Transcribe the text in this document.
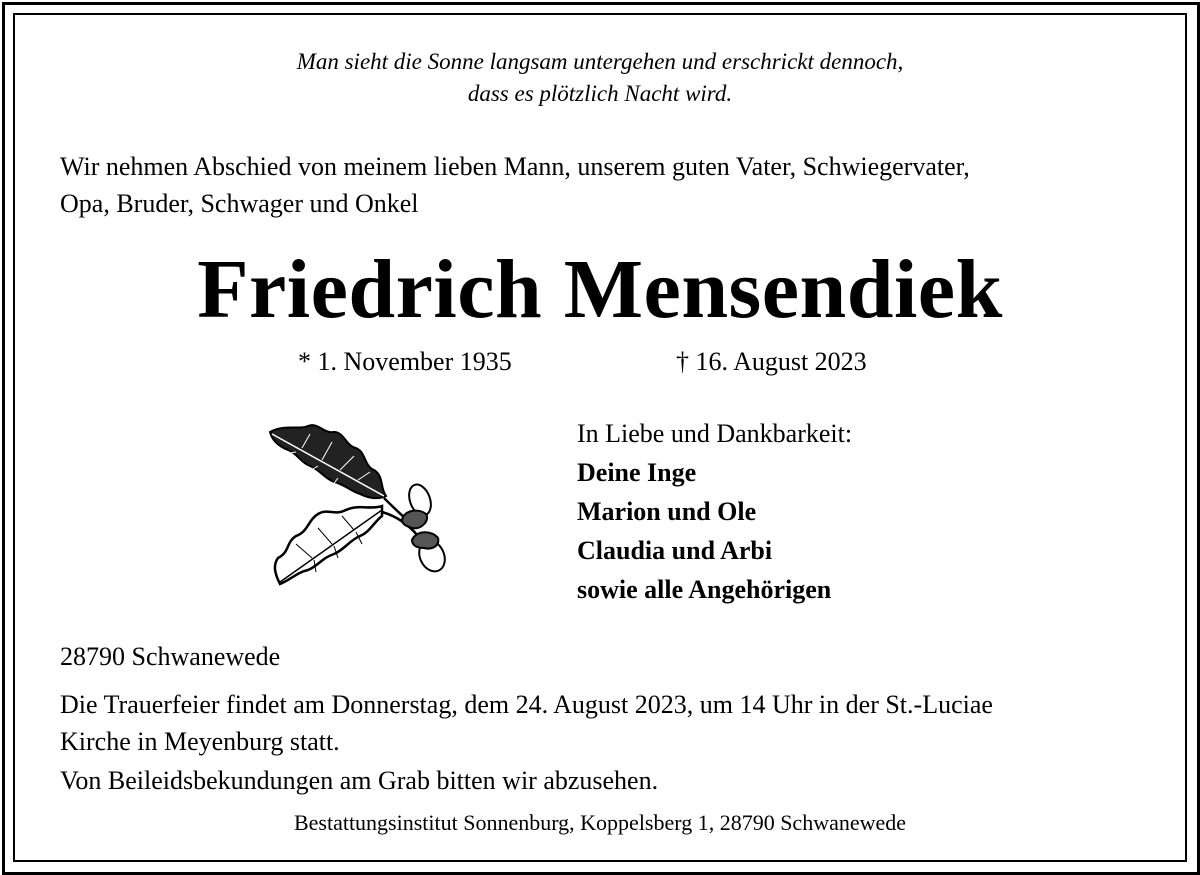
Man sieht die Sonne langsam untergehen und erschrickt dennoch,
dass es plötzlich Nacht wird.
Wir nehmen Abschied von meinem lieben Mann, unserem guten Vater, Schwiegervater,
Opa, Bruder, Schwager und Onkel
Friedrich Mensendiek
* 1. November 1935	† 16. August 2023
In Liebe und Dankbarkeit:
Deine Inge
Marion und Ole
Claudia und Arbi
sowie alle Angehörigen
28790 Schwanewede
Die Trauerfeier findet am Donnerstag, dem 24. August 2023, um 14 Uhr in der St.-Luciae
Kirche in Meyenburg statt.
Von Beileidsbekundungen am Grab bitten wir abzusehen.
Bestattungsinstitut Sonnenburg, Koppelsberg 1, 28790 Schwanewede
